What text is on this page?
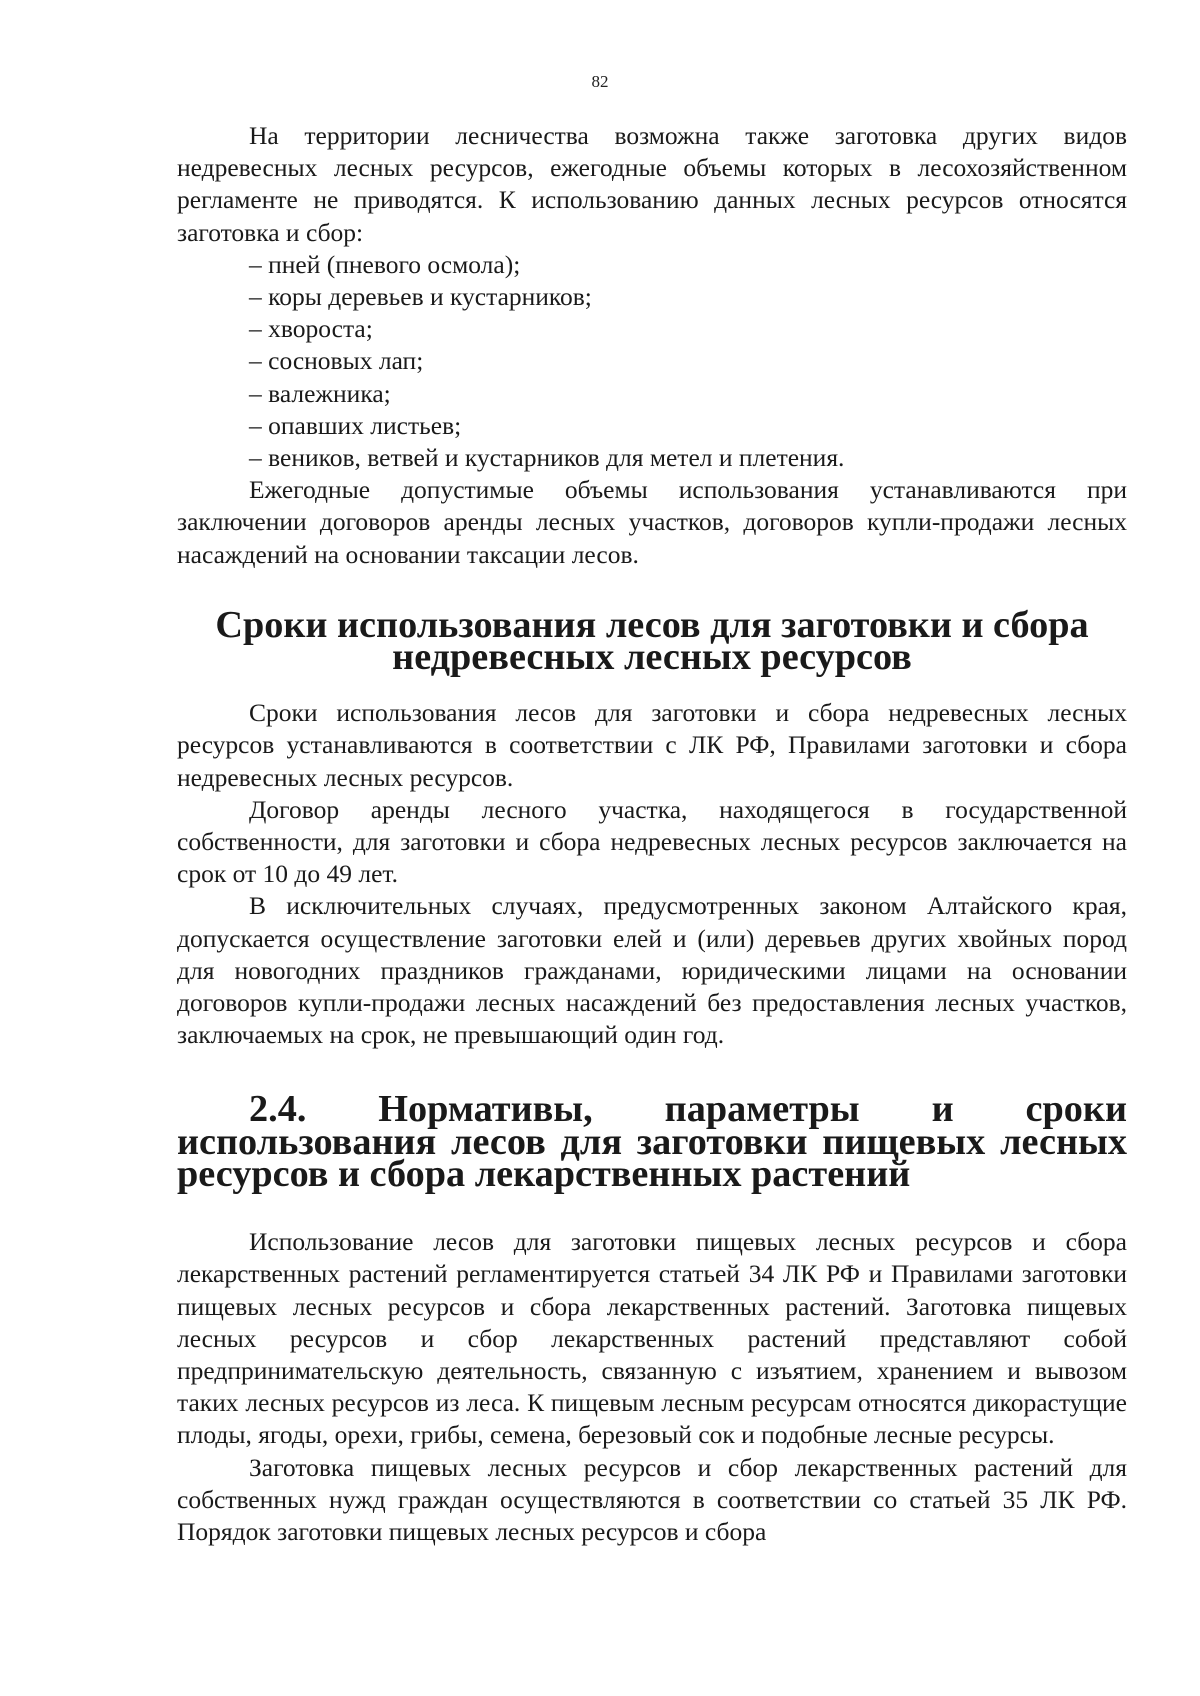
82

На территории лесничества возможна также заготовка других видов недревесных лесных ресурсов, ежегодные объемы которых в лесохозяйственном регламенте не приводятся. К использованию данных лесных ресурсов относятся заготовка и сбор:

– пней (пневого осмола);
– коры деревьев и кустарников;
– хвороста;
– сосновых лап;
– валежника;
– опавших листьев;
– веников, ветвей и кустарников для метел и плетения.

Ежегодные допустимые объемы использования устанавливаются при заключении договоров аренды лесных участков, договоров купли-продажи лесных насаждений на основании таксации лесов.

Сроки использования лесов для заготовки и сбора
недревесных лесных ресурсов

Сроки использования лесов для заготовки и сбора недревесных лесных ресурсов устанавливаются в соответствии с ЛК РФ, Правилами заготовки и сбора недревесных лесных ресурсов.

Договор аренды лесного участка, находящегося в государственной собственности, для заготовки и сбора недревесных лесных ресурсов заключается на срок от 10 до 49 лет.

В исключительных случаях, предусмотренных законом Алтайского края, допускается осуществление заготовки елей и (или) деревьев других хвойных пород для новогодних праздников гражданами, юридическими лицами на основании договоров купли-продажи лесных насаждений без предоставления лесных участков, заключаемых на срок, не превышающий один год.

2.4. Нормативы, параметры и сроки использования лесов для заготовки пищевых лесных ресурсов и сбора лекарственных растений

Использование лесов для заготовки пищевых лесных ресурсов и сбора лекарственных растений регламентируется статьей 34 ЛК РФ и Правилами заготовки пищевых лесных ресурсов и сбора лекарственных растений. Заготовка пищевых лесных ресурсов и сбор лекарственных растений представляют собой предпринимательскую деятельность, связанную с изъятием, хранением и вывозом таких лесных ресурсов из леса. К пищевым лесным ресурсам относятся дикорастущие плоды, ягоды, орехи, грибы, семена, березовый сок и подобные лесные ресурсы.

Заготовка пищевых лесных ресурсов и сбор лекарственных растений для собственных нужд граждан осуществляются в соответствии со статьей 35 ЛК РФ. Порядок заготовки пищевых лесных ресурсов и сбора
